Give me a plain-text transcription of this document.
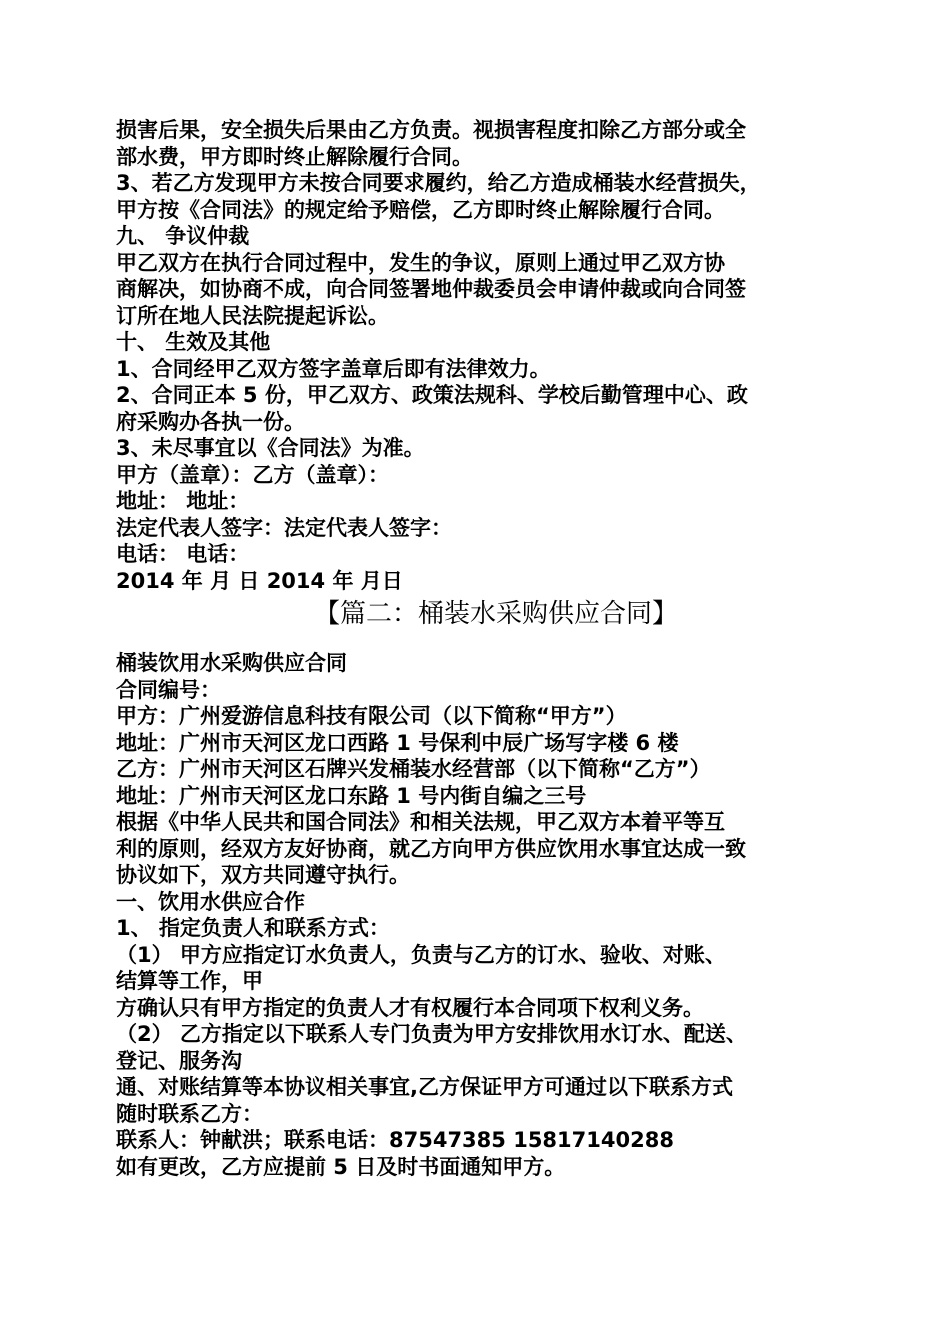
损害后果，安全损失后果由乙方负责。视损害程度扣除乙方部分或全
部水费，甲方即时终止解除履行合同。
3、若乙方发现甲方未按合同要求履约，给乙方造成桶装水经营损失，
甲方按《合同法》的规定给予赔偿，乙方即时终止解除履行合同。
九、 争议仲裁
甲乙双方在执行合同过程中，发生的争议，原则上通过甲乙双方协
商解决，如协商不成，向合同签署地仲裁委员会申请仲裁或向合同签
订所在地人民法院提起诉讼。
十、 生效及其他
1、合同经甲乙双方签字盖章后即有法律效力。
2、合同正本 5 份，甲乙双方、政策法规科、学校后勤管理中心、政
府采购办各执一份。
3、未尽事宜以《合同法》为准。
甲方（盖章）：乙方（盖章）：
地址： 地址：
法定代表人签字：法定代表人签字：
电话： 电话：
2014 年 月 日 2014 年 月日
【篇二：桶装水采购供应合同】
桶装饮用水采购供应合同
合同编号：
甲方：广州爱游信息科技有限公司（以下简称“甲方”）
地址：广州市天河区龙口西路 1 号保利中辰广场写字楼 6 楼
乙方：广州市天河区石牌兴发桶装水经营部（以下简称“乙方”）
地址：广州市天河区龙口东路 1 号内街自编之三号
根据《中华人民共和国合同法》和相关法规，甲乙双方本着平等互
利的原则，经双方友好协商，就乙方向甲方供应饮用水事宜达成一致
协议如下，双方共同遵守执行。
一、饮用水供应合作
1、 指定负责人和联系方式：
（1） 甲方应指定订水负责人，负责与乙方的订水、验收、对账、
结算等工作，甲
方确认只有甲方指定的负责人才有权履行本合同项下权利义务。
（2） 乙方指定以下联系人专门负责为甲方安排饮用水订水、配送、
登记、服务沟
通、对账结算等本协议相关事宜,乙方保证甲方可通过以下联系方式
随时联系乙方：
联系人：钟献洪；联系电话：87547385 15817140288
如有更改，乙方应提前 5 日及时书面通知甲方。
